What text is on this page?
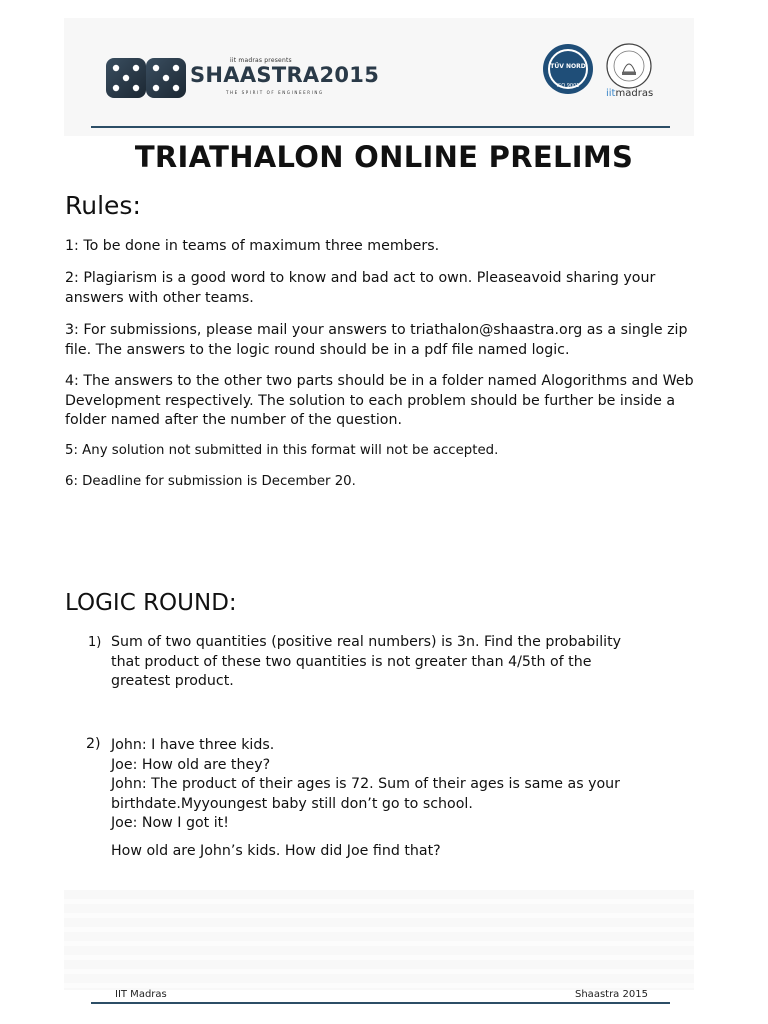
iit madras presents
SHAASTRA2015
THE SPIRIT OF ENGINEERING
TÜV NORD
ISO 9001
iitmadras
TRIATHALON ONLINE PRELIMS
Rules:
1: To be done in teams of maximum three members.
2: Plagiarism is a good word to know and bad act to own. Pleaseavoid sharing your answers with other teams.
3: For submissions, please mail your answers to triathalon@shaastra.org as a single zip file. The answers to the logic round should be in a pdf file named logic.
4: The answers to the other two parts should be in a folder named Alogorithms and Web Development respectively. The solution to each problem should be further be inside a folder named after the number of the question.
5: Any solution not submitted in this format will not be accepted.
6: Deadline for submission is December 20.
LOGIC ROUND:
1) Sum of two quantities (positive real numbers) is 3n. Find the probability
that product of these two quantities is not greater than 4/5th of the
greatest product.
2) John: I have three kids.
Joe: How old are they?
John: The product of their ages is 72. Sum of their ages is same as your
birthdate.Myyoungest baby still don’t go to school.
Joe: Now I got it!
How old are John’s kids. How did Joe find that?
IIT Madras	Shaastra 2015
